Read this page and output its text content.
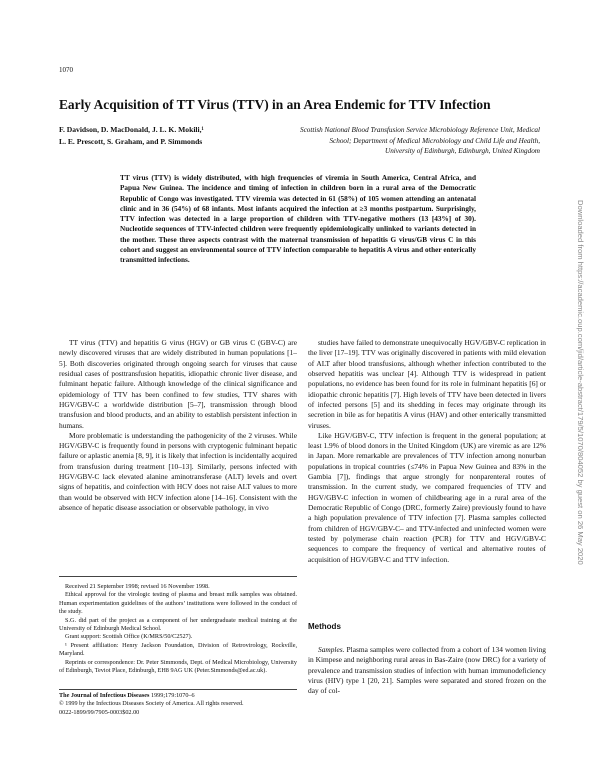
1070
Early Acquisition of TT Virus (TTV) in an Area Endemic for TTV Infection
F. Davidson, D. MacDonald, J. L. K. Mokili,¹
L. E. Prescott, S. Graham, and P. Simmonds
Scottish National Blood Transfusion Service Microbiology Reference Unit, Medical School; Department of Medical Microbiology and Child Life and Health, University of Edinburgh, Edinburgh, United Kingdom

TT virus (TTV) is widely distributed, with high frequencies of viremia in South America, Central Africa, and Papua New Guinea. The incidence and timing of infection in children born in a rural area of the Democratic Republic of Congo was investigated. TTV viremia was detected in 61 (58%) of 105 women attending an antenatal clinic and in 36 (54%) of 68 infants. Most infants acquired the infection at ≥3 months postpartum. Surprisingly, TTV infection was detected in a large proportion of children with TTV-negative mothers (13 [43%] of 30). Nucleotide sequences of TTV-infected children were frequently epidemiologically unlinked to variants detected in the mother. These three aspects contrast with the maternal transmission of hepatitis G virus/GB virus C in this cohort and suggest an environmental source of TTV infection comparable to hepatitis A virus and other enterically transmitted infections.

TT virus (TTV) and hepatitis G virus (HGV) or GB virus C (GBV-C) are newly discovered viruses that are widely distributed in human populations [1–5]. Both discoveries originated through ongoing search for viruses that cause residual cases of posttransfusion hepatitis, idiopathic chronic liver disease, and fulminant hepatic failure. Although knowledge of the clinical significance and epidemiology of TTV has been confined to few studies, TTV shares with HGV/GBV-C a worldwide distribution [5–7], transmission through blood transfusion and blood products, and an ability to establish persistent infection in humans.

More problematic is understanding the pathogenicity of the 2 viruses. While HGV/GBV-C is frequently found in persons with cryptogenic fulminant hepatic failure or aplastic anemia [8, 9], it is likely that infection is incidentally acquired from transfusion during treatment [10–13]. Similarly, persons infected with HGV/GBV-C lack elevated alanine aminotransferase (ALT) levels and overt signs of hepatitis, and coinfection with HCV does not raise ALT values to more than would be observed with HCV infection alone [14–16]. Consistent with the absence of hepatic disease association or observable pathology, in vivo

studies have failed to demonstrate unequivocally HGV/GBV-C replication in the liver [17–19]. TTV was originally discovered in patients with mild elevation of ALT after blood transfusions, although whether infection contributed to the observed hepatitis was unclear [4]. Although TTV is widespread in patient populations, no evidence has been found for its role in fulminant hepatitis [6] or idiopathic chronic hepatitis [7]. High levels of TTV have been detected in livers of infected persons [5] and its shedding in feces may originate through its secretion in bile as for hepatitis A virus (HAV) and other enterically transmitted viruses.

Like HGV/GBV-C, TTV infection is frequent in the general population; at least 1.9% of blood donors in the United Kingdom (UK) are viremic as are 12% in Japan. More remarkable are prevalences of TTV infection among nonurban populations in tropical countries (≤74% in Papua New Guinea and 83% in the Gambia [7]), findings that argue strongly for nonparenteral routes of transmission. In the current study, we compared frequencies of TTV and HGV/GBV-C infection in women of childbearing age in a rural area of the Democratic Republic of Congo (DRC, formerly Zaire) previously found to have a high population prevalence of TTV infection [7]. Plasma samples collected from children of HGV/GBV-C– and TTV-infected and uninfected women were tested by polymerase chain reaction (PCR) for TTV and HGV/GBV-C sequences to compare the frequency of vertical and alternative routes of acquisition of HGV/GBV-C and TTV infection.

Received 21 September 1998; revised 16 November 1998.

Ethical approval for the virologic testing of plasma and breast milk samples was obtained. Human experimentation guidelines of the authors’ institutions were followed in the conduct of the study.

S.G. did part of the project as a component of her undergraduate medical training at the University of Edinburgh Medical School.

Grant support: Scottish Office (K/MRS/50/C2527).

¹ Present affiliation: Henry Jackson Foundation, Division of Retrovirology, Rockville, Maryland.

Reprints or correspondence: Dr. Peter Simmonds, Dept. of Medical Microbiology, University of Edinburgh, Teviot Place, Edinburgh, EH8 9AG UK (Peter.Simmonds@ed.ac.uk).

The Journal of Infectious Diseases 1999;179:1070–6
© 1999 by the Infectious Diseases Society of America. All rights reserved.
0022-1899/99/7905-0003$02.00
Methods

Samples. Plasma samples were collected from a cohort of 134 women living in Kimpese and neighboring rural areas in Bas-Zaire (now DRC) for a variety of prevalence and transmission studies of infection with human immunodeficiency virus (HIV) type 1 [20, 21]. Samples were separated and stored frozen on the day of col-

Downloaded from https://academic.oup.com/jid/article-abstract/179/5/1070/804052 by guest on 26 May 2020
